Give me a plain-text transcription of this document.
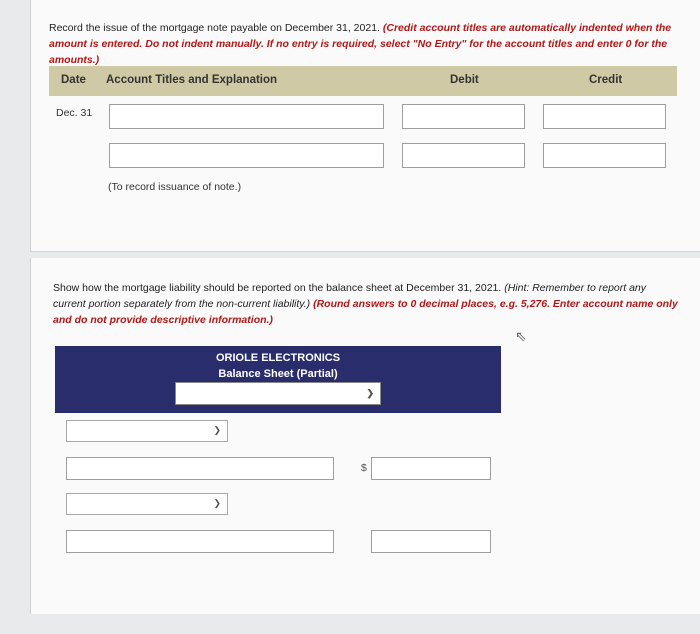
Record the issue of the mortgage note payable on December 31, 2021. (Credit account titles are automatically indented when the amount is entered. Do not indent manually. If no entry is required, select "No Entry" for the account titles and enter 0 for the amounts.)
Date Account Titles and Explanation	Debit	Credit
Dec. 31
(To record issuance of note.)
Show how the mortgage liability should be reported on the balance sheet at December 31, 2021. (Hint: Remember to report any current portion separately from the non-current liability.) (Round answers to 0 decimal places, e.g. 5,276. Enter account name only and do not provide descriptive information.)
⇖
ORIOLE ELECTRONICS
Balance Sheet (Partial)
❯
❯
$
❯
